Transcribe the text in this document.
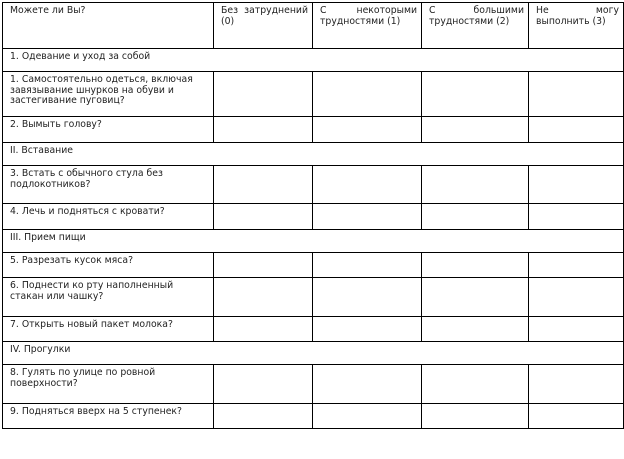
Можете ли Вы?	Без затруднений (0)	С некоторыми трудностями (1)	С большими трудностями (2)	Не могу выполнить (3)
1. Одевание и уход за собой				
1. Самостоятельно одеться, включая завязывание шнурков на обуви и застегивание пуговиц?	

2. Вымыть голову?	

II. Вставание				
3. Встать с обычного стула без подлокотников?	

4. Лечь и подняться с кровати?	

III. Прием пищи				
5. Разрезать кусок мяса?	

6. Поднести ко рту наполненный стакан или чашку?	

7. Открыть новый пакет молока?	

IV. Прогулки				
8. Гулять по улице по ровной поверхности?	

9. Подняться вверх на 5 ступенек?	
